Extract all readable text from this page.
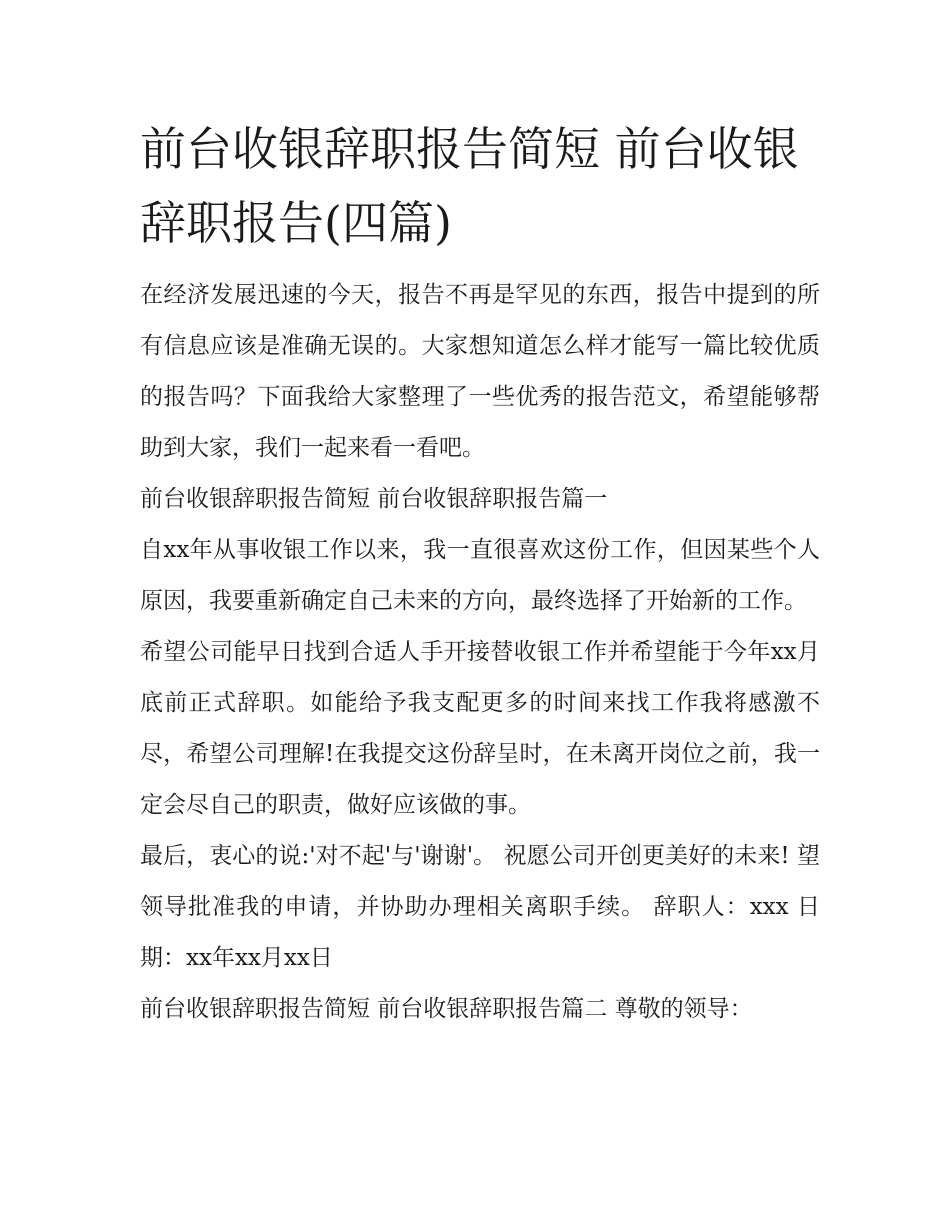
前台收银辞职报告简短 前台收银辞职报告(四篇)

在经济发展迅速的今天，报告不再是罕见的东西，报告中提到的所有信息应该是准确无误的。大家想知道怎么样才能写一篇比较优质的报告吗？下面我给大家整理了一些优秀的报告范文，希望能够帮助到大家，我们一起来看一看吧。

前台收银辞职报告简短 前台收银辞职报告篇一

自xx年从事收银工作以来，我一直很喜欢这份工作，但因某些个人原因，我要重新确定自己未来的方向，最终选择了开始新的工作。

希望公司能早日找到合适人手开接替收银工作并希望能于今年xx月底前正式辞职。如能给予我支配更多的时间来找工作我将感激不尽，希望公司理解!在我提交这份辞呈时，在未离开岗位之前，我一定会尽自己的职责，做好应该做的事。

最后，衷心的说:'对不起'与'谢谢'。 祝愿公司开创更美好的未来! 望领导批准我的申请，并协助办理相关离职手续。 辞职人：xxx 日期：xx年xx月xx日

前台收银辞职报告简短 前台收银辞职报告篇二 尊敬的领导：
